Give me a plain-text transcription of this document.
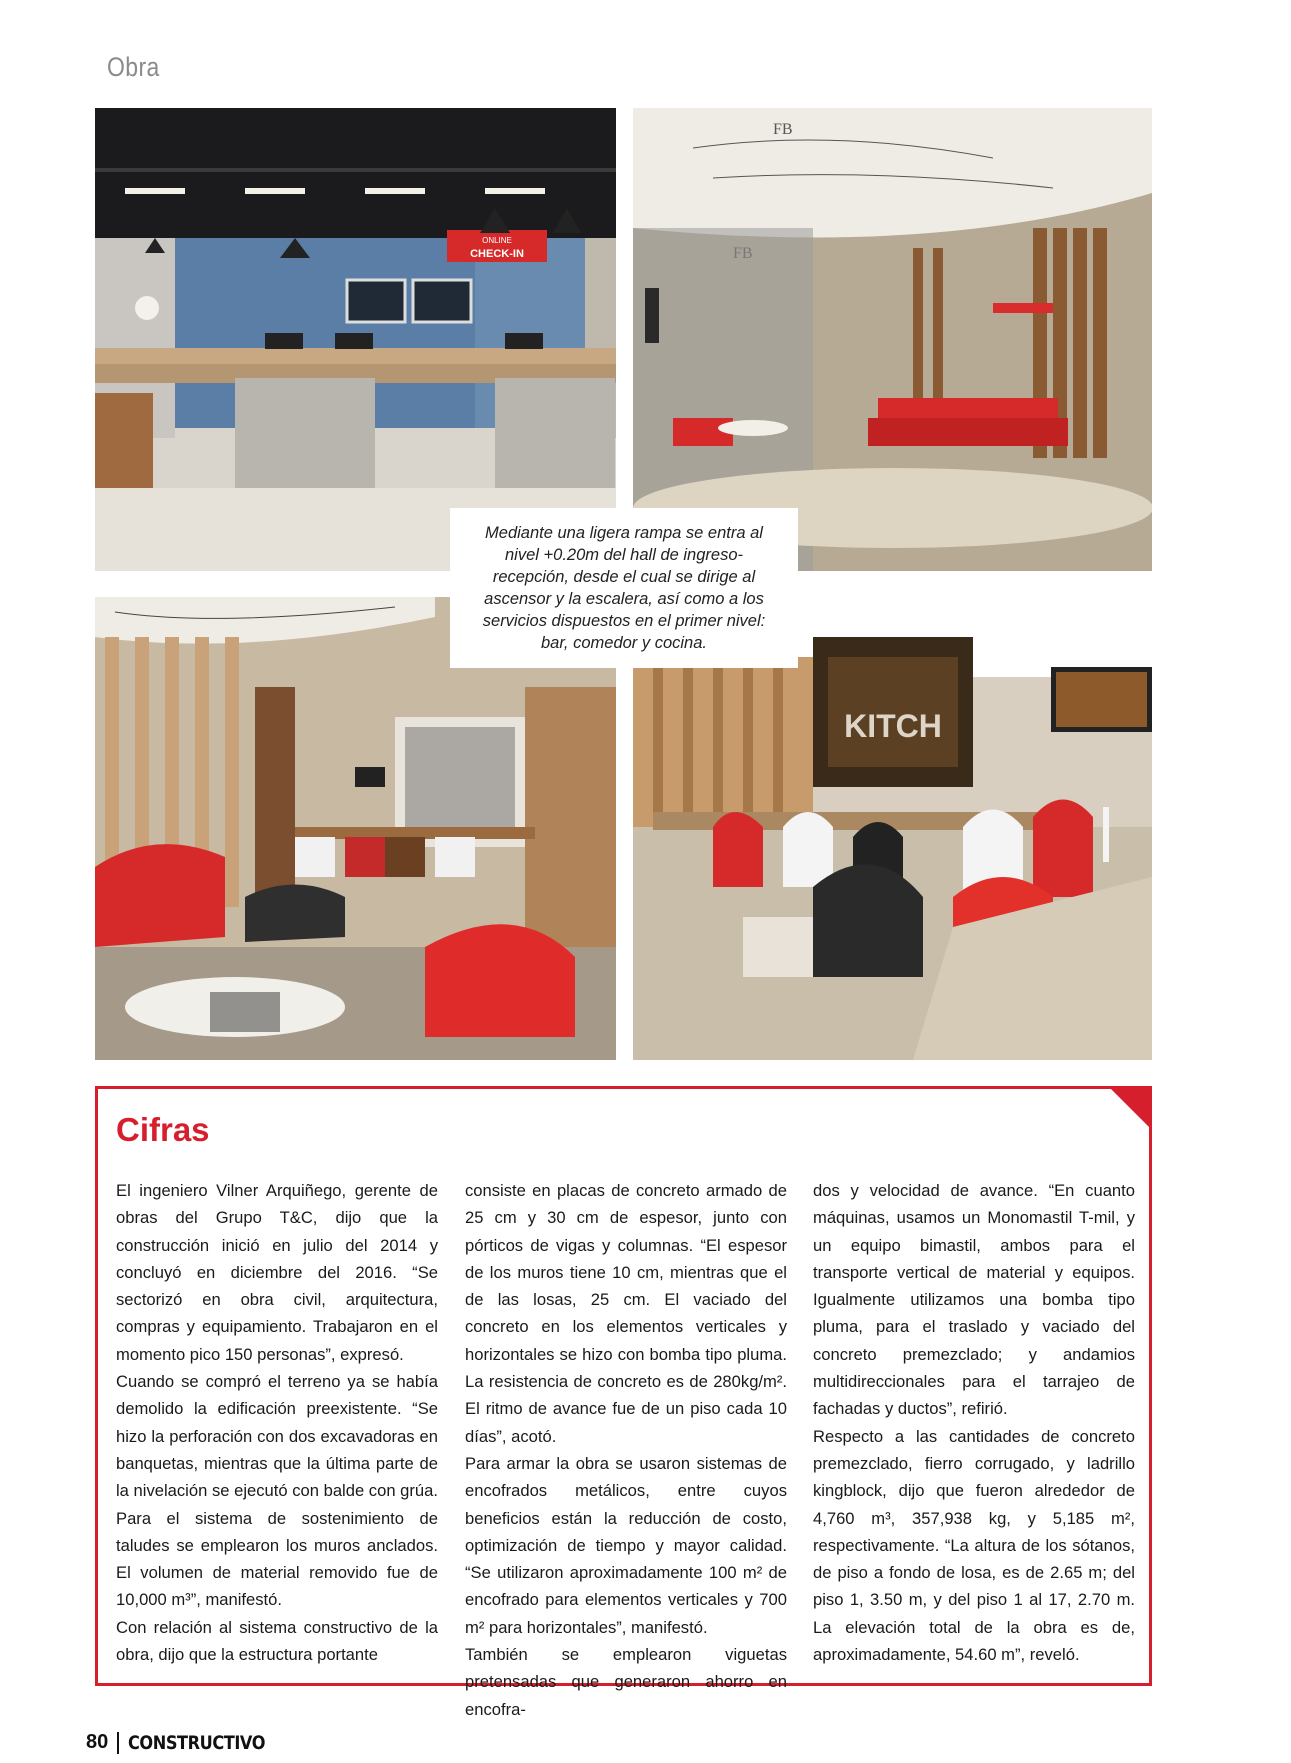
Obra
ONLINE
CHECK-IN
FB
FB
KITCH
Mediante una ligera rampa se entra al nivel +0.20m del hall de ingreso-recepción, desde el cual se dirige al ascensor y la escalera, así como a los servicios dispuestos en el primer nivel: bar, comedor y cocina.
Cifras

El ingeniero Vilner Arquiñego, gerente de obras del Grupo T&C, dijo que la construcción inició en julio del 2014 y concluyó en diciembre del 2016. “Se sectorizó en obra civil, arquitectura, compras y equipamiento. Trabajaron en el momento pico 150 personas”, expresó.

Cuando se compró el terreno ya se había demolido la edificación preexistente. “Se hizo la perforación con dos excavadoras en banquetas, mientras que la última parte de la nivelación se ejecutó con balde con grúa. Para el sistema de sostenimiento de taludes se emplearon los muros anclados. El volumen de material removido fue de 10,000 m³”, manifestó.

Con relación al sistema constructivo de la obra, dijo que la estructura portante

consiste en placas de concreto armado de 25 cm y 30 cm de espesor, junto con pórticos de vigas y columnas. “El espesor de los muros tiene 10 cm, mientras que el de las losas, 25 cm. El vaciado del concreto en los elementos verticales y horizontales se hizo con bomba tipo pluma. La resistencia de concreto es de 280kg/m². El ritmo de avance fue de un piso cada 10 días”, acotó.

Para armar la obra se usaron sistemas de encofrados metálicos, entre cuyos beneficios están la reducción de costo, optimización de tiempo y mayor calidad. “Se utilizaron aproximadamente 100 m² de encofrado para elementos verticales y 700 m² para horizontales”, manifestó.

También se emplearon viguetas pretensadas que generaron ahorro en encofra-

dos y velocidad de avance. “En cuanto máquinas, usamos un Monomastil T-mil, y un equipo bimastil, ambos para el transporte vertical de material y equipos. Igualmente utilizamos una bomba tipo pluma, para el traslado y vaciado del concreto premezclado; y andamios multidireccionales para el tarrajeo de fachadas y ductos”, refirió.

Respecto a las cantidades de concreto premezclado, fierro corrugado, y ladrillo kingblock, dijo que fueron alrededor de 4,760 m³, 357,938 kg, y 5,185 m², respectivamente. “La altura de los sótanos, de piso a fondo de losa, es de 2.65 m; del piso 1, 3.50 m, y del piso 1 al 17, 2.70 m. La elevación total de la obra es de, aproximadamente, 54.60 m”, reveló.

80 CONSTRUCTIVO
